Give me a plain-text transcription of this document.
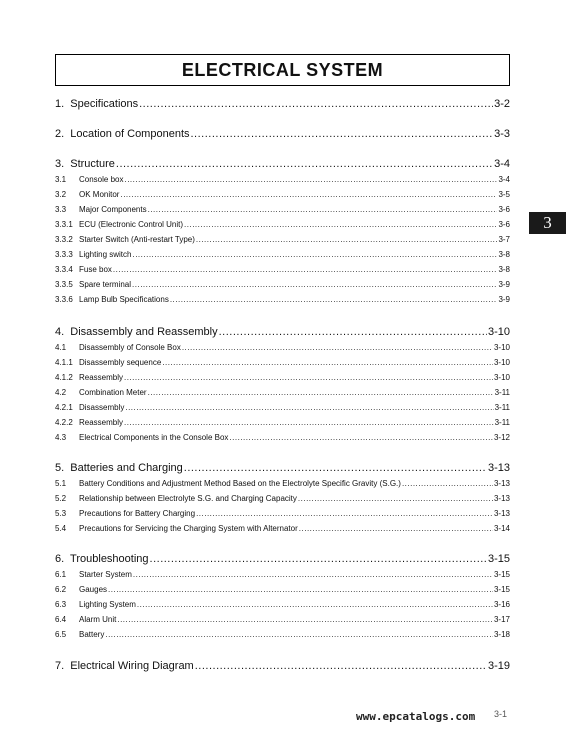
ELECTRICAL SYSTEM
1. Specifications .....	3-2
2. Location of Components .....	3-3
3. Structure .....	3-4
3.1 Console box .....	3-4
3.2 OK Monitor .....	3-5
3.3 Major Components .....	3-6
3.3.1 ECU (Electronic Control Unit) .....	3-6
3.3.2 Starter Switch (Anti-restart Type) .....	3-7
3.3.3 Lighting switch .....	3-8
3.3.4 Fuse box .....	3-8
3.3.5 Spare terminal .....	3-9
3.3.6 Lamp Bulb Specifications .....	3-9
4. Disassembly and Reassembly .....	3-10
4.1 Disassembly of Console Box .....	3-10
4.1.1 Disassembly sequence .....	3-10
4.1.2 Reassembly .....	3-10
4.2 Combination Meter .....	3-11
4.2.1 Disassembly .....	3-11
4.2.2 Reassembly .....	3-11
4.3 Electrical Components in the Console Box .....	3-12
5. Batteries and Charging .....	3-13
5.1 Battery Conditions and Adjustment Method Based on the Electrolyte Specific Gravity (S.G.) .....	3-13
5.2 Relationship between Electrolyte S.G. and Charging Capacity .....	3-13
5.3 Precautions for Battery Charging .....	3-13
5.4 Precautions for Servicing the Charging System with Alternator .....	3-14
6. Troubleshooting .....	3-15
6.1 Starter System .....	3-15
6.2 Gauges .....	3-15
6.3 Lighting System .....	3-16
6.4 Alarm Unit .....	3-17
6.5 Battery .....	3-18
7. Electrical Wiring Diagram .....	3-19
3
www.epcatalogs.com 3-1
